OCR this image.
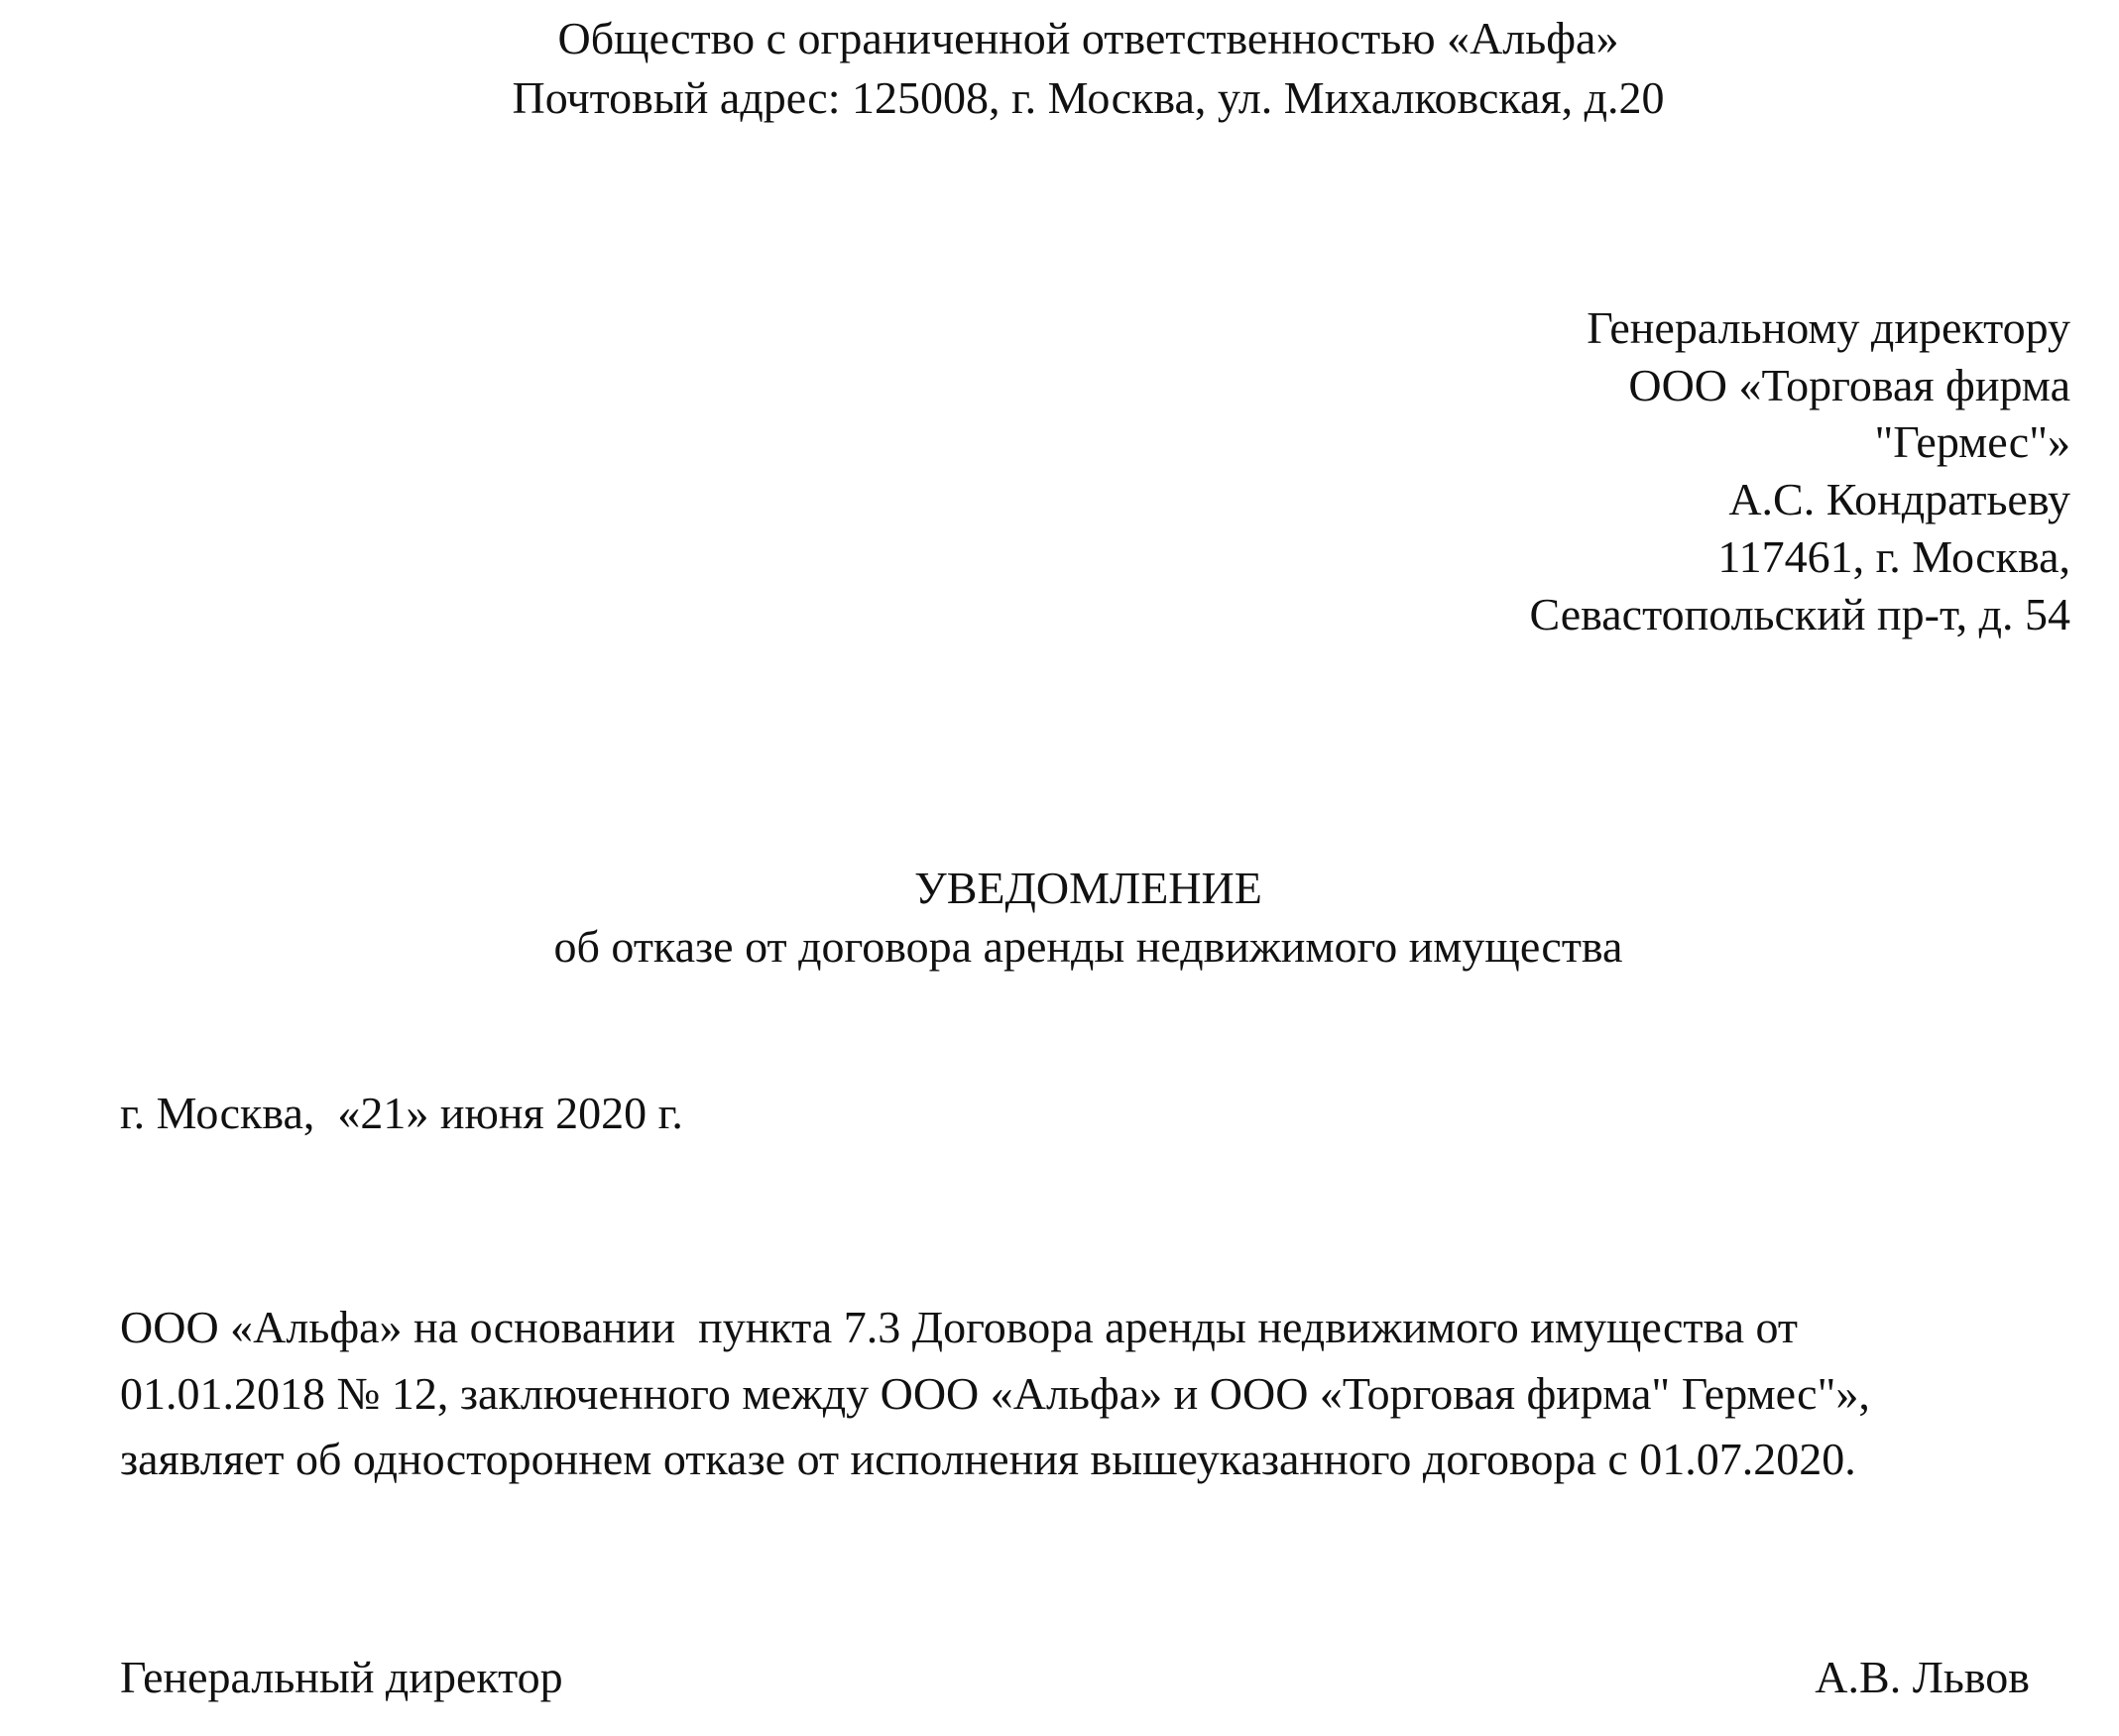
Общество с ограниченной ответственностью «Альфа»
Почтовый адрес: 125008, г. Москва, ул. Михалковская, д.20
Генеральному директору
ООО «Торговая фирма
"Гермес"»
А.С. Кондратьеву
117461, г. Москва,
Севастопольский пр-т, д. 54
УВЕДОМЛЕНИЕ
об отказе от договора аренды недвижимого имущества
г. Москва,  «21» июня 2020 г.
ООО «Альфа» на основании  пункта 7.3 Договора аренды недвижимого имущества от
01.01.2018 № 12, заключенного между ООО «Альфа» и ООО «Торговая фирма" Гермес"»,
заявляет об одностороннем отказе от исполнения вышеуказанного договора с 01.07.2020.
Генеральный директор	А.В. Львов
